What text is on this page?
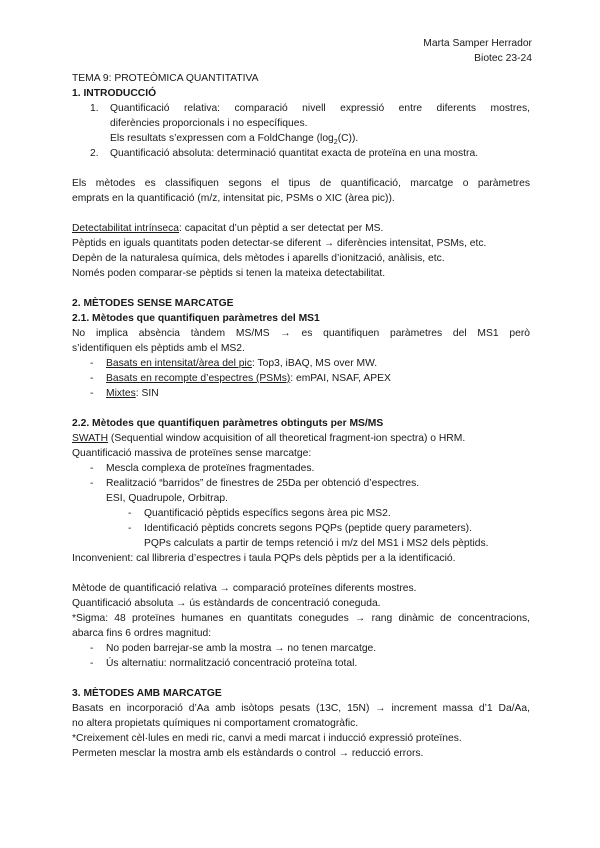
Marta Samper Herrador
Biotec 23-24
TEMA 9: PROTEÒMICA QUANTITATIVA
1. INTRODUCCIÓ
1. Quantificació relativa: comparació nivell expressió entre diferents mostres,
diferències proporcionals i no específiques.
Els resultats s’expressen com a FoldChange $(\log_2(C))$.
2. Quantificació absoluta: determinació quantitat exacta de proteïna en una mostra.
Els mètodes es classifiquen segons el tipus de quantificació, marcatge o paràmetres
emprats en la quantificació (m/z, intensitat pic, PSMs o XIC (àrea pic)).
Detectabilitat intrínseca: capacitat d’un pèptid a ser detectat per MS.
Pèptids en iguals quantitats poden detectar-se diferent → diferències intensitat, PSMs, etc.
Depèn de la naturalesa química, dels mètodes i aparells d’ionització, anàlisis, etc.
Només poden comparar-se pèptids si tenen la mateixa detectabilitat.
2. MÈTODES SENSE MARCATGE
2.1. Mètodes que quantifiquen paràmetres del MS1
No implica absència tàndem MS/MS → es quantifiquen paràmetres del MS1 però
s’identifiquen els pèptids amb el MS2.
- Basats en intensitat/àrea del pic: Top3, iBAQ, MS over MW.
- Basats en recompte d’espectres (PSMs): emPAI, NSAF, APEX
- Mixtes: SIN
2.2. Mètodes que quantifiquen paràmetres obtinguts per MS/MS
SWATH (Sequential window acquisition of all theoretical fragment-ion spectra) o HRM.
Quantificació massiva de proteïnes sense marcatge:
- Mescla complexa de proteïnes fragmentades.
- Realització “barridos” de finestres de 25Da per obtenció d’espectres.
ESI, Quadrupole, Orbitrap.
- Quantificació pèptids específics segons àrea pic MS2.
- Identificació pèptids concrets segons PQPs (peptide query parameters).
PQPs calculats a partir de temps retenció i m/z del MS1 i MS2 dels pèptids.
Inconvenient: cal llibreria d’espectres i taula PQPs dels pèptids per a la identificació.
Mètode de quantificació relativa → comparació proteïnes diferents mostres.
Quantificació absoluta → ús estàndards de concentració coneguda.
*Sigma: 48 proteïnes humanes en quantitats conegudes → rang dinàmic de concentracions,
abarca fins 6 ordres magnitud:
- No poden barrejar-se amb la mostra → no tenen marcatge.
- Ús alternatiu: normalització concentració proteïna total.
3. MÈTODES AMB MARCATGE
Basats en incorporació d’Aa amb isòtops pesats (13C, 15N) → increment massa d’1 Da/Aa,
no altera propietats químiques ni comportament cromatogràfic.
*Creixement cèl·lules en medi ric, canvi a medi marcat i inducció expressió proteïnes.
Permeten mesclar la mostra amb els estàndards o control → reducció errors.
